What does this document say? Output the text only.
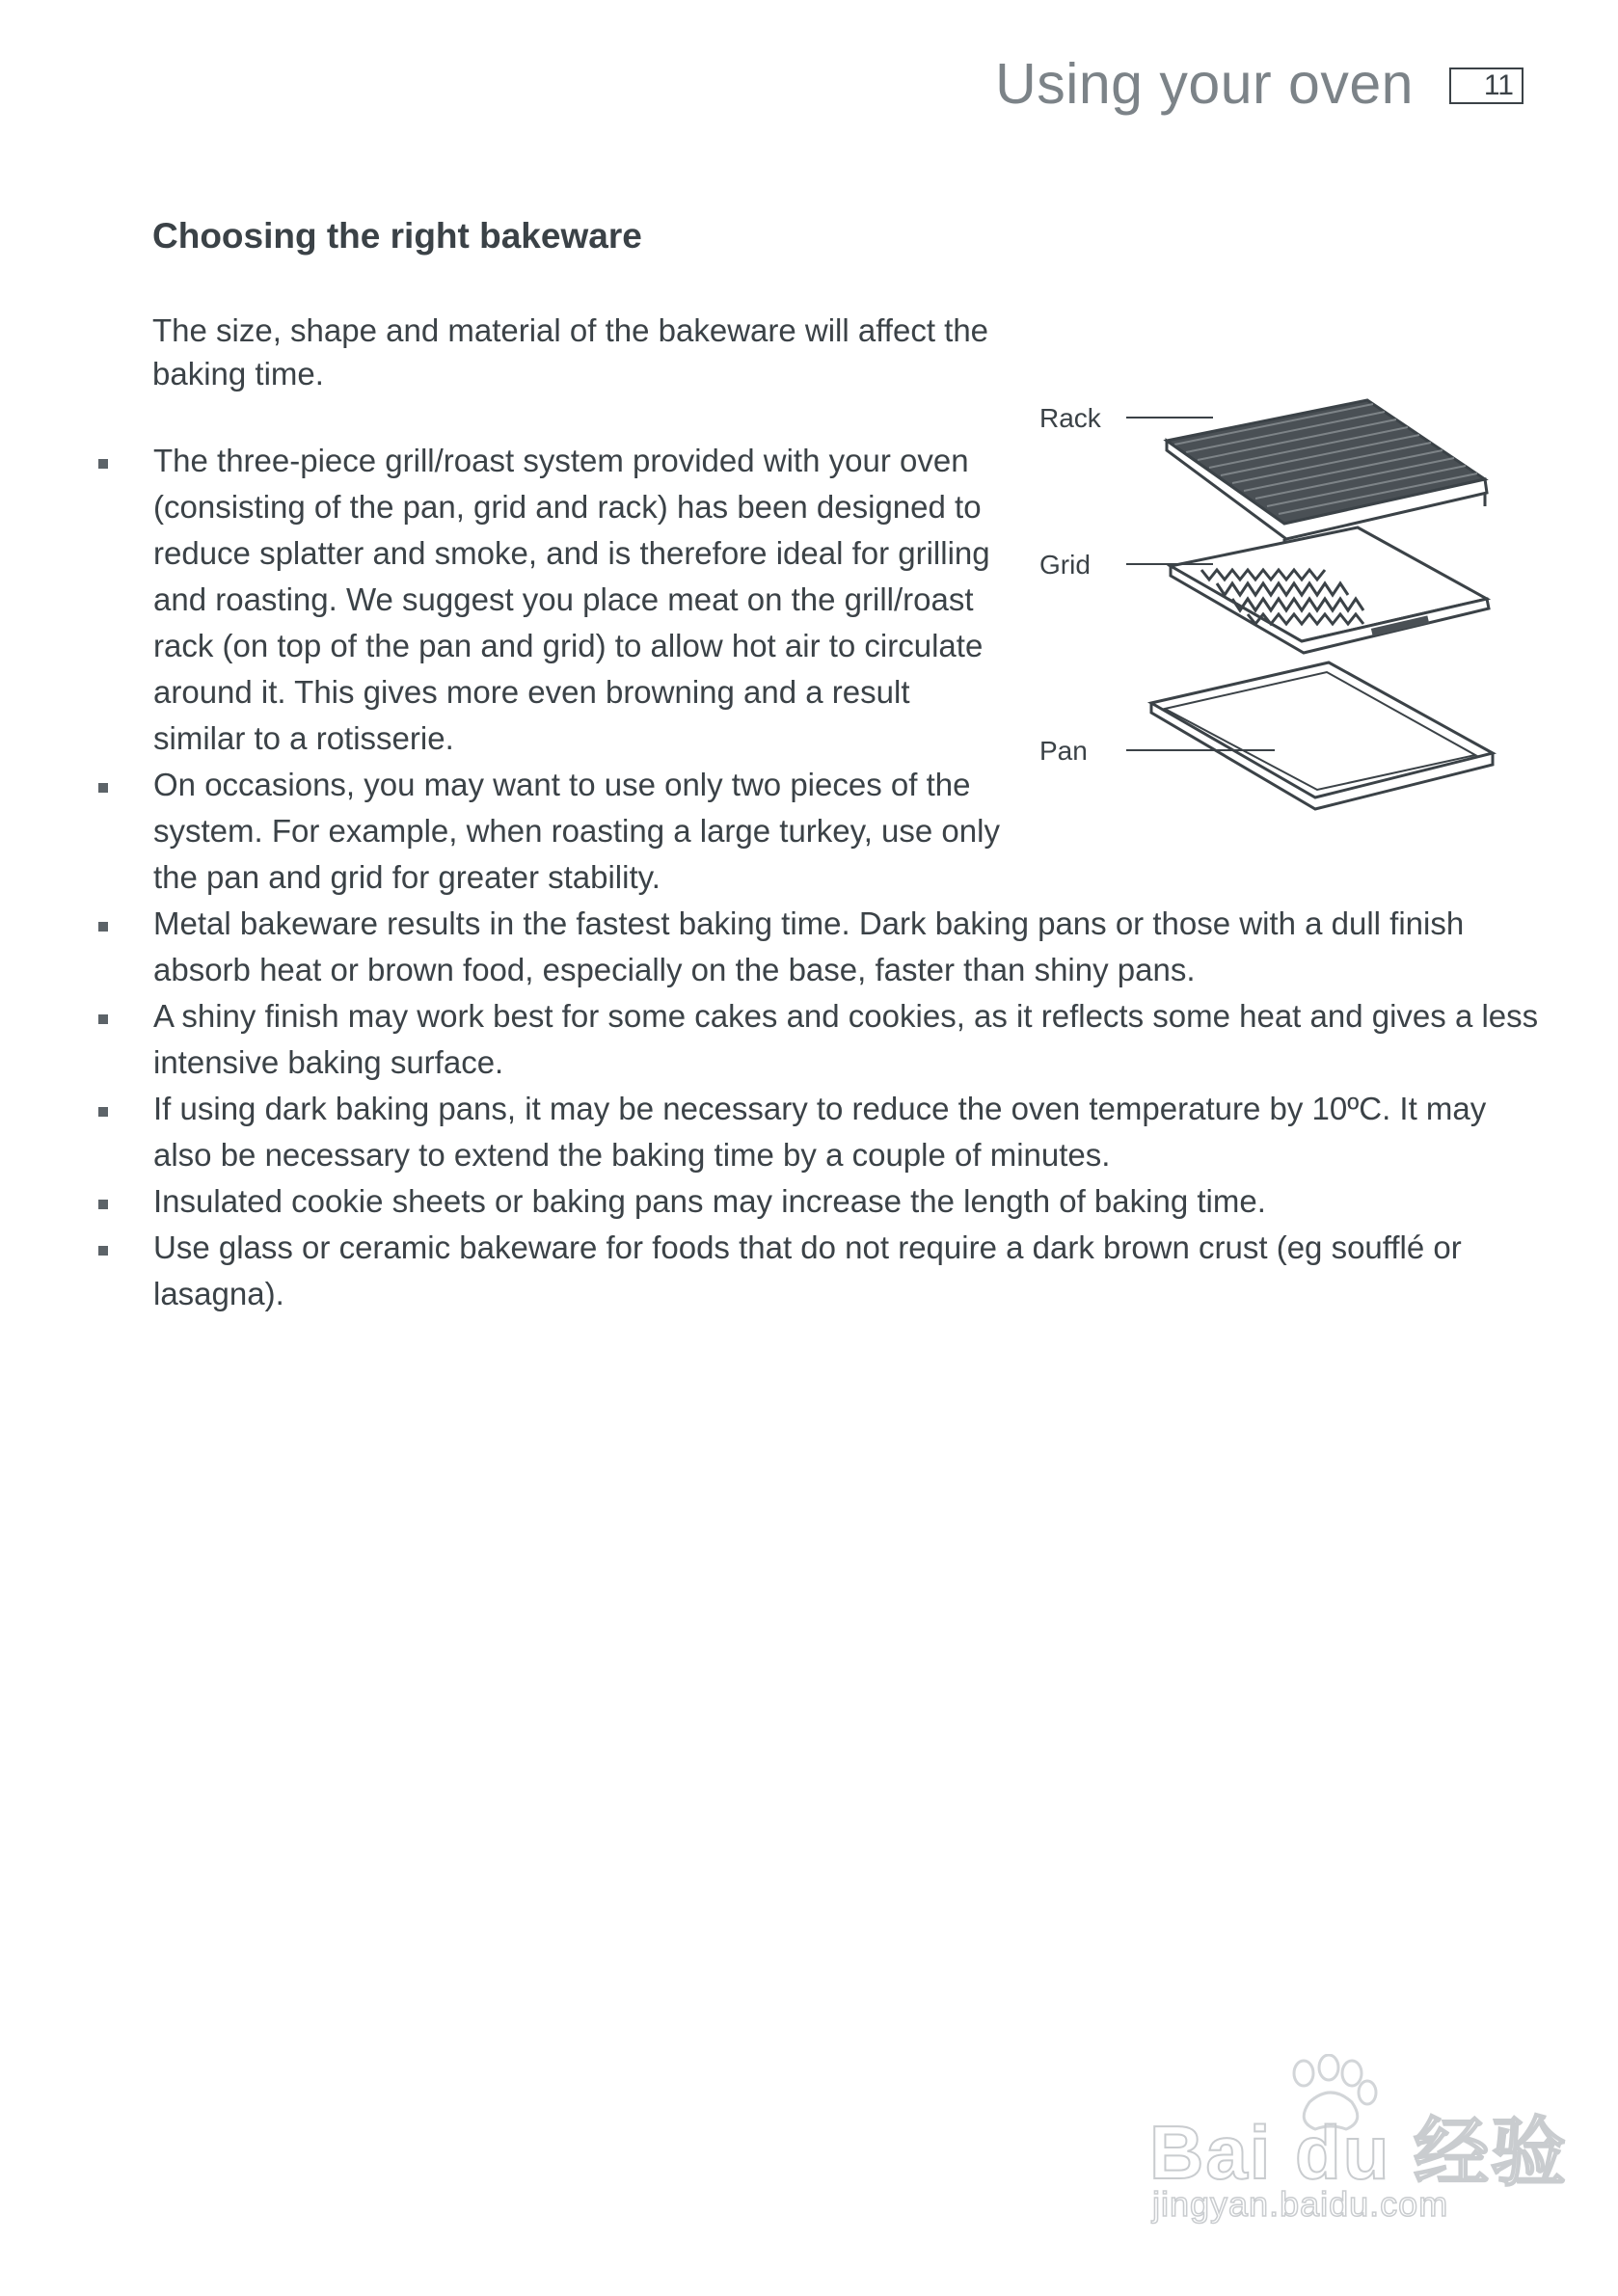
Using your oven	11
Choosing the right bakeware

The size, shape and material of the bakeware will affect the baking time.

The three-piece grill/roast system provided with your oven (consisting of the pan, grid and rack) has been designed to reduce splatter and smoke, and is therefore ideal for grilling and roasting. We suggest you place meat on the grill/roast rack (on top of the pan and grid) to allow hot air to circulate around it. This gives more even browning and a result similar to a rotisserie.
On occasions, you may want to use only two pieces of the system. For example, when roasting a large turkey, use only the pan and grid for greater stability.
Metal bakeware results in the fastest baking time. Dark baking pans or those with a dull finish absorb heat or brown food, especially on the base, faster than shiny pans.
A shiny finish may work best for some cakes and cookies, as it reflects some heat and gives a less intensive baking surface.
If using dark baking pans, it may be necessary to reduce the oven temperature by 10ºC. It may also be necessary to extend the baking time by a couple of minutes.
Insulated cookie sheets or baking pans may increase the length of baking time.
Use glass or ceramic bakeware for foods that do not require a dark brown crust (eg soufflé or lasagna).
Rack
Grid
Pan
Bai du 经验
jingyan.baidu.com
